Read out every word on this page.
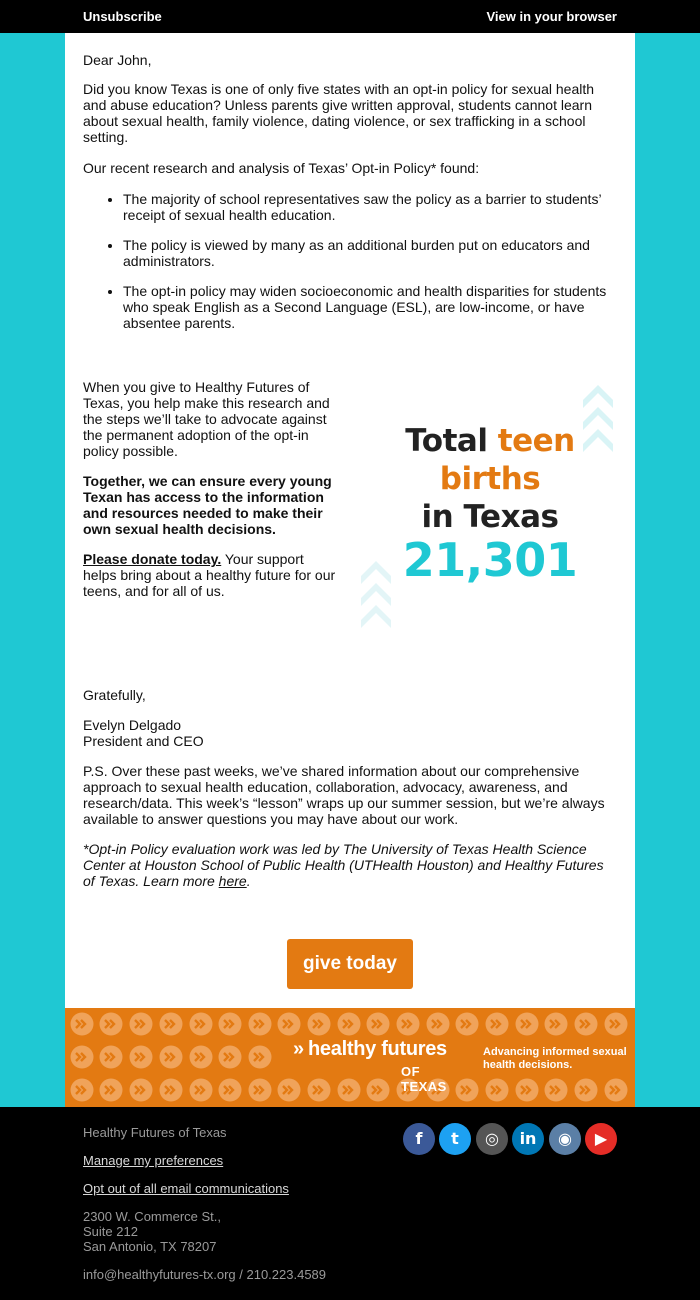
Unsubscribe	View in your browser

Dear John,

Did you know Texas is one of only five states with an opt-in policy for sexual health and abuse education? Unless parents give written approval, students cannot learn about sexual health, family violence, dating violence, or sex trafficking in a school setting.

Our recent research and analysis of Texas’ Opt-in Policy* found:

• The majority of school representatives saw the policy as a barrier to students’ receipt of sexual health education.
• The policy is viewed by many as an additional burden put on educators and administrators.
• The opt-in policy may widen socioeconomic and health disparities for students who speak English as a Second Language (ESL), are low-income, or have absentee parents.

When you give to Healthy Futures of Texas, you help make this research and the steps we’ll take to advocate against the permanent adoption of the opt-in policy possible.

Together, we can ensure every young Texan has access to the information and resources needed to make their own sexual health decisions.

Please donate today. Your support helps bring about a healthy future for our teens, and for all of us.

Total teen
births
in Texas
21,301

Gratefully,

Evelyn Delgado
President and CEO

P.S. Over these past weeks, we’ve shared information about our comprehensive approach to sexual health education, collaboration, advocacy, awareness, and research/data. This week’s “lesson” wraps up our summer session, but we’re always available to answer questions you may have about our work.

*Opt-in Policy evaluation work was led by The University of Texas Health Science Center at Houston School of Public Health (UTHealth Houston) and Healthy Futures of Texas. Learn more here.

give today
» healthy futures
OF TEXAS
Advancing informed sexual health decisions.
Healthy Futures of Texas
Manage my preferences
Opt out of all email communications
2300 W. Commerce St.,
Suite 212
San Antonio, TX 78207
info@healthyfutures-tx.org / 210.223.4589
f	t	◎	in	◉	▶
